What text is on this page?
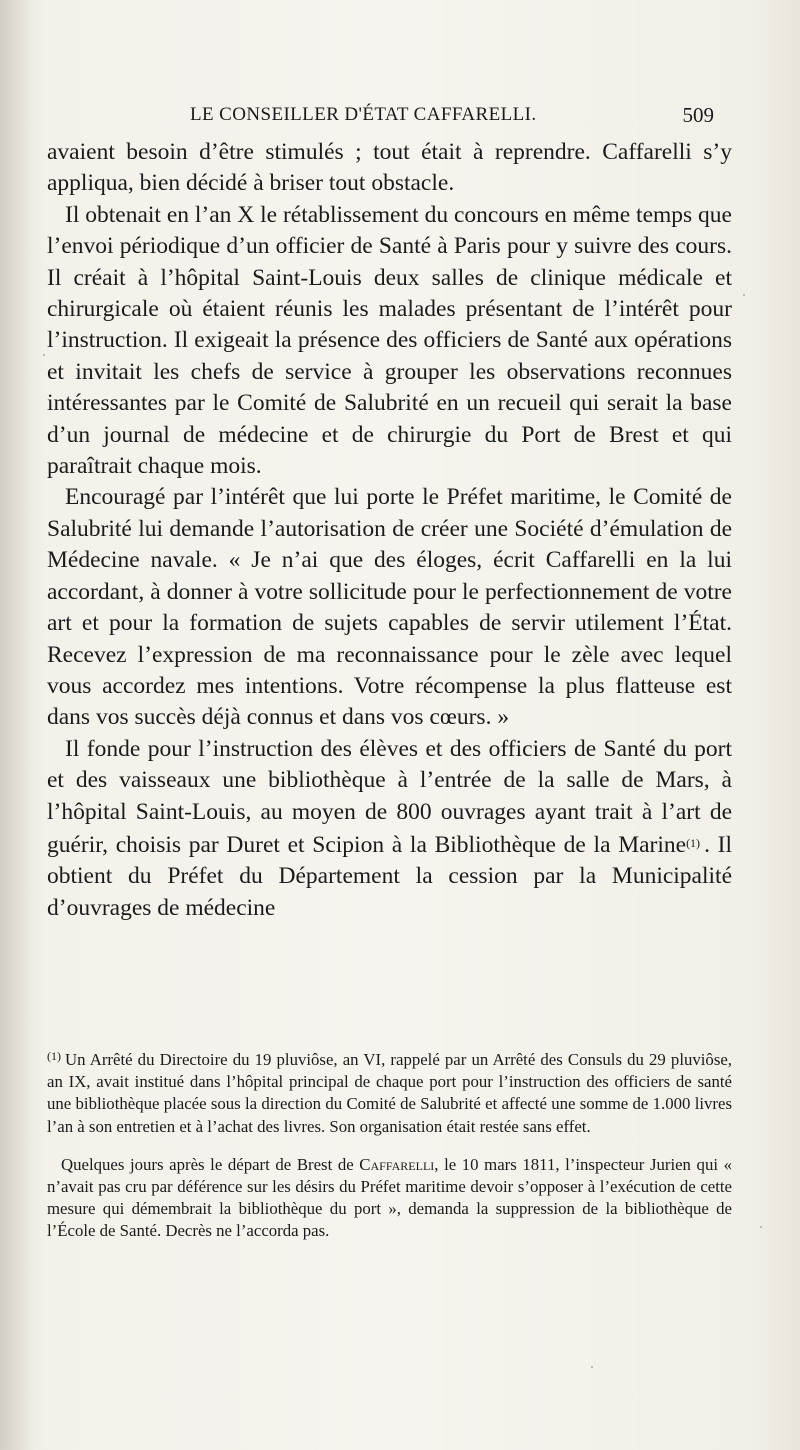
LE CONSEILLER D'ÉTAT CAFFARELLI.	509

avaient besoin d’être stimulés ; tout était à reprendre. Caffarelli s’y appliqua, bien décidé à briser tout obstacle.

Il obtenait en l’an X le rétablissement du concours en même temps que l’envoi périodique d’un officier de Santé à Paris pour y suivre des cours. Il créait à l’hôpital Saint-Louis deux salles de clinique médicale et chirurgicale où étaient réunis les malades présentant de l’intérêt pour l’instruction. Il exigeait la présence des officiers de Santé aux opérations et invitait les chefs de service à grouper les observations reconnues intéressantes par le Comité de Salubrité en un recueil qui serait la base d’un journal de médecine et de chirurgie du Port de Brest et qui paraîtrait chaque mois.

Encouragé par l’intérêt que lui porte le Préfet maritime, le Comité de Salubrité lui demande l’autorisation de créer une Société d’émulation de Médecine navale. « Je n’ai que des éloges, écrit Caffarelli en la lui accordant, à donner à votre sollicitude pour le perfectionnement de votre art et pour la formation de sujets capables de servir utilement l’État. Recevez l’expression de ma reconnaissance pour le zèle avec lequel vous accordez mes intentions. Votre récompense la plus flatteuse est dans vos succès déjà connus et dans vos cœurs. »

Il fonde pour l’instruction des élèves et des officiers de Santé du port et des vaisseaux une bibliothèque à l’entrée de la salle de Mars, à l’hôpital Saint-Louis, au moyen de 800 ouvrages ayant trait à l’art de guérir, choisis par Duret et Scipion à la Bibliothèque de la Marine$^{(1)}$ . Il obtient du Préfet du Département la cession par la Municipalité d’ouvrages de médecine

$^{(1)}$ Un Arrêté du Directoire du 19 pluviôse, an VI, rappelé par un Arrêté des Consuls du 29 pluviôse, an IX, avait institué dans l’hôpital principal de chaque port pour l’instruction des officiers de santé une bibliothèque placée sous la direction du Comité de Salubrité et affecté une somme de 1.000 livres l’an à son entretien et à l’achat des livres. Son organisation était restée sans effet.

Quelques jours après le départ de Brest de Caffarelli, le 10 mars 1811, l’inspecteur Jurien qui « n’avait pas cru par déférence sur les désirs du Préfet maritime devoir s’opposer à l’exécution de cette mesure qui démembrait la bibliothèque du port », demanda la suppression de la bibliothèque de l’École de Santé. Decrès ne l’accorda pas.
